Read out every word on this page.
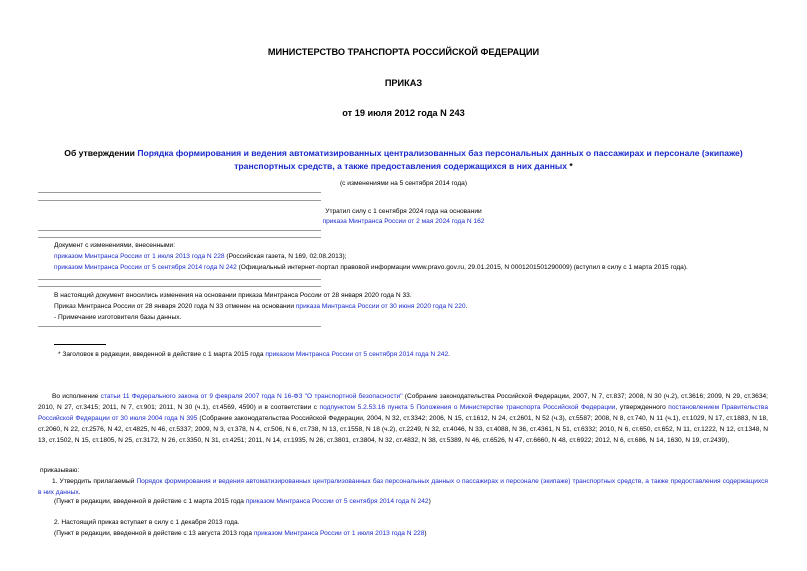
МИНИСТЕРСТВО ТРАНСПОРТА РОССИЙСКОЙ ФЕДЕРАЦИИ
ПРИКАЗ
от 19 июля 2012 года N 243
Об утверждении Порядка формирования и ведения автоматизированных централизованных баз персональных данных о пассажирах и персонале (экипаже) транспортных средств, а также предоставления содержащихся в них данных *
(с изменениями на 5 сентября 2014 года)
Утратил силу с 1 сентября 2024 года на основании
приказа Минтранса России от 2 мая 2024 года N 162
Документ с изменениями, внесенными:
приказом Минтранса России от 1 июля 2013 года N 228 (Российская газета, N 169, 02.08.2013);
приказом Минтранса России от 5 сентября 2014 года N 242 (Официальный интернет-портал правовой информации www.pravo.gov.ru, 29.01.2015, N 0001201501290009) (вступил в силу с 1 марта 2015 года).
В настоящий документ вносились изменения на основании приказа Минтранса России от 28 января 2020 года N 33.
Приказ Минтранса России от 28 января 2020 года N 33 отменен на основании приказа Минтранса России от 30 июня 2020 года N 220.
- Примечание изготовителя базы данных.
* Заголовок в редакции, введенной в действие с 1 марта 2015 года приказом Минтранса России от 5 сентября 2014 года N 242.
Во исполнение статьи 11 Федерального закона от 9 февраля 2007 года N 16-ФЗ "О транспортной безопасности" (Собрание законодательства Российской Федерации, 2007, N 7, ст.837; 2008, N 30 (ч.2), ст.3616; 2009, N 29, ст.3634; 2010, N 27, ст.3415; 2011, N 7, ст.901; 2011, N 30 (ч.1), ст.4569, 4590) и в соответствии с подпунктом 5.2.53.16 пункта 5 Положения о Министерстве транспорта Российской Федерации, утвержденного постановлением Правительства Российской Федерации от 30 июля 2004 года N 395 (Собрание законодательства Российской Федерации, 2004, N 32, ст.3342; 2006, N 15, ст.1612, N 24, ст.2601, N 52 (ч.3), ст.5587; 2008, N 8, ст.740, N 11 (ч.1), ст.1029, N 17, ст.1883, N 18, ст.2060, N 22, ст.2576, N 42, ст.4825, N 46, ст.5337; 2009, N 3, ст.378, N 4, ст.506, N 6, ст.738, N 13, ст.1558, N 18 (ч.2), ст.2249, N 32, ст.4046, N 33, ст.4088, N 36, ст.4361, N 51, ст.6332; 2010, N 6, ст.650, ст.652, N 11, ст.1222, N 12, ст.1348, N 13, ст.1502, N 15, ст.1805, N 25, ст.3172, N 26, ст.3350, N 31, ст.4251; 2011, N 14, ст.1935, N 26, ст.3801, ст.3804, N 32, ст.4832, N 38, ст.5389, N 46, ст.6526, N 47, ст.6660, N 48, ст.6922; 2012, N 6, ст.686, N 14, 1630, N 19, ст.2439),
приказываю:
1. Утвердить прилагаемый Порядок формирования и ведения автоматизированных централизованных баз персональных данных о пассажирах и персонале (экипаже) транспортных средств, а также предоставления содержащихся в них данных.
(Пункт в редакции, введенной в действие с 1 марта 2015 года приказом Минтранса России от 5 сентября 2014 года N 242)
2. Настоящий приказ вступает в силу с 1 декабря 2013 года.
(Пункт в редакции, введенной в действие с 13 августа 2013 года приказом Минтранса России от 1 июля 2013 года N 228)
